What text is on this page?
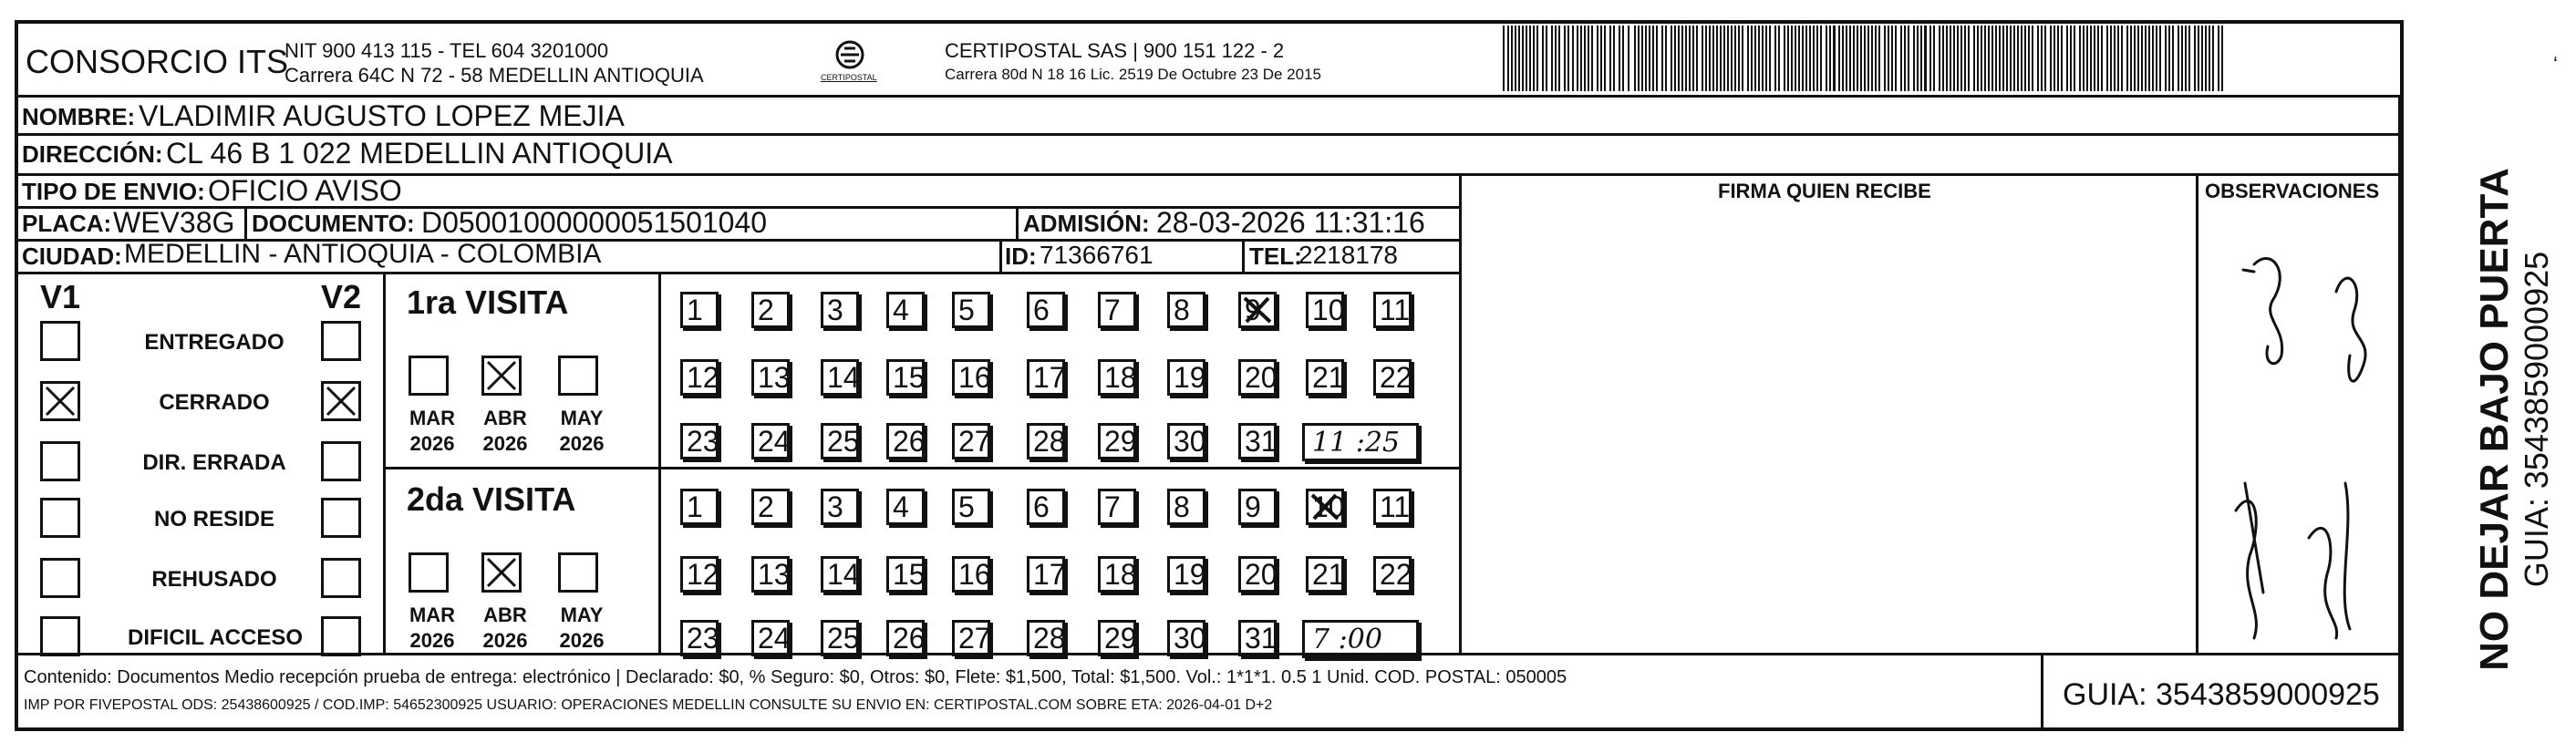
CONSORCIO ITS
NIT 900 413 115 - TEL 604 3201000
Carrera 64C N 72 - 58 MEDELLIN ANTIOQUIA	CERTIPOSTAL
CERTIPOSTAL SAS | 900 151 122 - 2
Carrera 80d N 18 16 Lic. 2519 De Octubre 23 De 2015
NOMBRE: VLADIMIR AUGUSTO LOPEZ MEJIA
DIRECCIÓN: CL 46 B 1 022 MEDELLIN ANTIOQUIA
TIPO DE ENVIO: OFICIO AVISO
PLACA: WEV38G DOCUMENTO: D05001000000051501040	ADMISIÓN: 28-03-2026 11:31:16
CIUDAD: MEDELLIN - ANTIOQUIA - COLOMBIA	ID: 71366761	TEL:
2218178
FIRMA QUIEN RECIBE	OBSERVACIONES
V1	V2
ENTREGADO
CERRADO
DIR. ERRADA
NO RESIDE
REHUSADO
DIFICIL ACCESO
1ra VISITA
MAR
2026
ABR
2026
MAY
2026
1	2	3	4	5	6	7	8	9	10 11
12 13 14 15 16 17 18 19 20 21 22
23 24 25 26 27 28 29 30 31 11 :25
2da VISITA
MAR
2026
ABR
2026
MAY
2026
1	2	3	4	5	6	7	8	9	10 11
12 13 14 15 16 17 18 19 20 21 22
23 24 25 26 27 28 29 30 31 7 :00
Contenido: Documentos Medio recepción prueba de entrega: electrónico | Declarado: $0, % Seguro: $0, Otros: $0, Flete: $1,500, Total: $1,500. Vol.: 1*1*1. 0.5 1 Unid. COD. POSTAL: 050005
IMP POR FIVEPOSTAL ODS: 25438600925 / COD.IMP: 54652300925 USUARIO: OPERACIONES MEDELLIN CONSULTE SU ENVIO EN: CERTIPOSTAL.COM SOBRE ETA: 2026-04-01 D+2	GUIA: 3543859000925
NO DEJAR BAJO PUERTA GUIA: 3543859000925
ʻ
